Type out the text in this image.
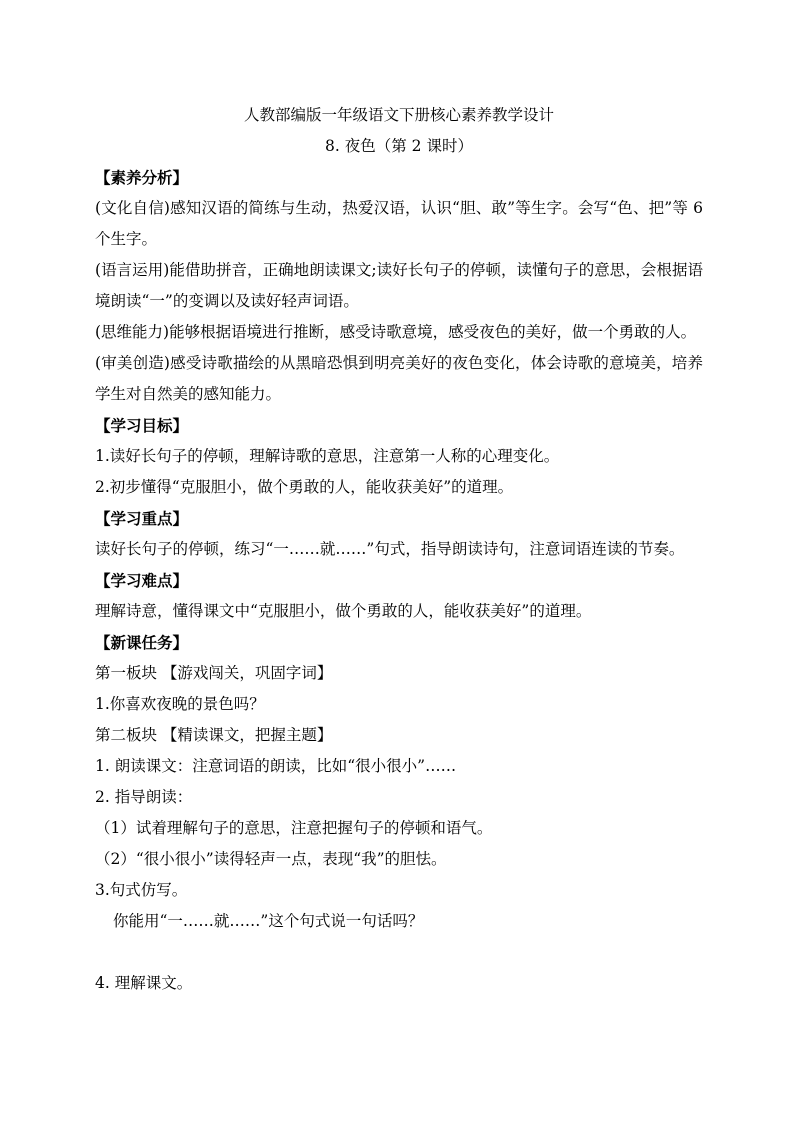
人教部编版一年级语文下册核心素养教学设计
8. 夜色（第 2 课时）
【素养分析】

(文化自信)感知汉语的简练与生动，热爱汉语，认识“胆、敢”等生字。会写“色、把”等 6 个生字。

(语言运用)能借助拼音，正确地朗读课文;读好长句子的停顿，读懂句子的意思，会根据语境朗读“一”的变调以及读好轻声词语。

(思维能力)能够根据语境进行推断，感受诗歌意境，感受夜色的美好，做一个勇敢的人。

(审美创造)感受诗歌描绘的从黑暗恐惧到明亮美好的夜色变化，体会诗歌的意境美，培养学生对自然美的感知能力。

【学习目标】

1.读好长句子的停顿，理解诗歌的意思，注意第一人称的心理变化。

2.初步懂得“克服胆小，做个勇敢的人，能收获美好”的道理。

【学习重点】

读好长句子的停顿，练习“一……就……”句式，指导朗读诗句，注意词语连读的节奏。

【学习难点】

理解诗意，懂得课文中“克服胆小，做个勇敢的人，能收获美好”的道理。

【新课任务】

第一板块 【游戏闯关，巩固字词】

1.你喜欢夜晚的景色吗？

第二板块 【精读课文，把握主题】

1. 朗读课文：注意词语的朗读，比如“很小很小”……

2. 指导朗读：

（1）试着理解句子的意思，注意把握句子的停顿和语气。

（2）“很小很小”读得轻声一点，表现“我”的胆怯。

3.句式仿写。

你能用“一……就……”这个句式说一句话吗？

4. 理解课文。
